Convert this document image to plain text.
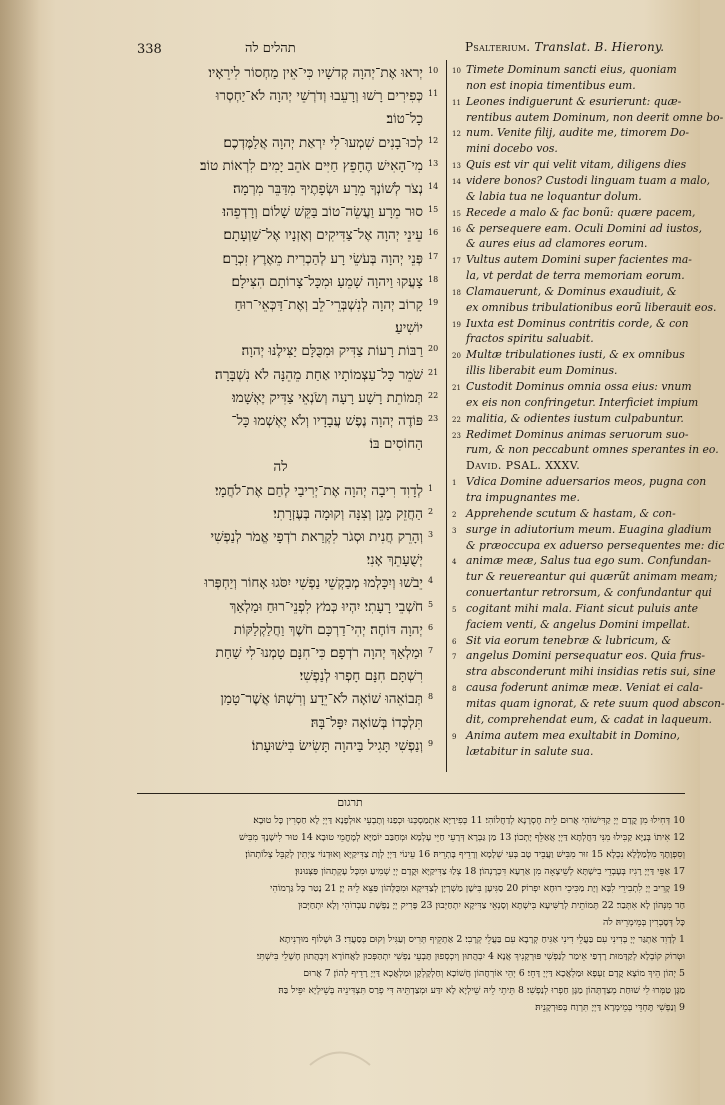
338	תהלים לה	Psalterium. Translat. B. Hierony.
יְראוּ אֶת־יְהוָה קְדשָׁיו כִּי־אֵין מַחְסוֹר לִירֵאָיו׃
כְּפִירִים רָשׁוּ וְרָעֵבוּ וְדֹרְשֵׁי יְהוָה לֹא־יַחְסְרוּ
כָל־טוֹב׃
לְכוּ־בָנִים שִׁמְעוּ־לִי יִרְאַת יְהוָה אֲלַמֶּדְכֶם׃
מִי־הָאִישׁ הֶחָפֵץ חַיִּים אֹהֵב יָמִים לִרְאוֹת טוֹב׃
נְצֹר לְשׁוֹנְךָ מֵרָע וּשְׂפָתֶיךָ מִדַּבֵּר מִרְמָה׃
סוּר מֵרָע וַעֲשֵׂה־טוֹב בַּקֵּשׁ שָׁלוֹם וְרָדְפֵהוּ׃
עֵינֵי יְהוָה אֶל־צַדִּיקִים וְאָזְנָיו אֶל־שַׁוְעָתָם׃
פְּנֵי יְהוָה בְּעֹשֵׂי רָע לְהַכְרִית מֵאֶרֶץ זִכְרָם׃
צָעֲקוּ וַיהוָה שָׁמֵעַ וּמִכָּל־צָרוֹתָם הִצִּילָם׃
קָרוֹב יְהוָה לְנִשְׁבְּרֵי־לֵב וְאֶת־דַּכְּאֵי־רוּחַ
יוֹשִׁיעַ׃
רַבּוֹת רָעוֹת צַדִּיק וּמִכֻּלָּם יַצִּילֶנּוּ יְהוָה׃
שֹׁמֵר כָּל־עַצְמוֹתָיו אַחַת מֵהֵנָּה לֹא נִשְׁבָּרָה׃
תְּמוֹתֵת רָשָׁע רָעָה וְשֹׂנְאֵי צַדִּיק יֶאְשָׁמוּ׃
פּוֹדֶה יְהוָה נֶפֶשׁ עֲבָדָיו וְלֹא יֶאְשְׁמוּ כָּל־
הַחוֹסִים בּוֹ׃
לה
לְדָוִד רִיבָה יְהוָה אֶת־יְרִיבַי לְחַם אֶת־לֹחֲמָי׃
הַחֲזֵק מָגֵן וְצִנָּה וְקוּמָה בְּעֶזְרָתִי׃
וְהָרֵק חֲנִית וּסְגֹר לִקְרַאת רֹדְפָי אֱמֹר לְנַפְשִׁי
יְשֻׁעָתֵךְ אָנִי׃
יֵבֹשׁוּ וְיִכָּלְמוּ מְבַקְשֵׁי נַפְשִׁי יִסֹּגוּ אָחוֹר וְיַחְפְּרוּ
חֹשְׁבֵי רָעָתִי׃ יִהְיוּ כְּמֹץ לִפְנֵי־רוּחַ וּמַלְאַךְ
יְהוָה דּוֹחֶה׃ יְהִי־דַרְכָּם חֹשֶׁךְ וַחֲלַקְלַקּוֹת
וּמַלְאַךְ יְהוָה רֹדְפָם׃ כִּי־חִנָּם טָמְנוּ־לִי שַׁחַת
רִשְׁתָּם חִנָּם חָפְרוּ לְנַפְשִׁי׃
תְּבוֹאֵהוּ שׁוֹאָה לֹא־יֵדָע וְרִשְׁתּוֹ אֲשֶׁר־טָמַן
תִּלְכְּדוֹ בְּשׁוֹאָה יִפָּל־בָּהּ׃
וְנַפְשִׁי תָּגִיל בַּיהוָה תָּשִׂישׂ בִּישׁוּעָתוֹ׃
10
11
12
13
14
15
16
17
18
19
20
21
22
23
1
2
3
4
5
6
7
8
9
10 Timete Dominum sancti eius, quoniam
non est inopia timentibus eum.
11 Leones indiguerunt & esurierunt: quæ-
rentibus autem Dominum, non deerit omne bo-
12 num. Venite filij, audite me, timorem Do-
mini docebo vos.
13 Quis est vir qui velit vitam, diligens dies
14 videre bonos? Custodi linguam tuam a malo,
& labia tua ne loquantur dolum.
15 Recede a malo & fac bonũ: quære pacem,
16 & persequere eam. Oculi Domini ad iustos,
& aures eius ad clamores eorum.
17 Vultus autem Domini super facientes ma-
la, vt perdat de terra memoriam eorum.
18 Clamauerunt, & Dominus exaudiuit, &
ex omnibus tribulationibus eorũ liberauit eos.
19 Iuxta est Dominus contritis corde, & con
fractos spiritu saluabit.
20 Multæ tribulationes iusti, & ex omnibus
illis liberabit eum Dominus.
21 Custodit Dominus omnia ossa eius: vnum
ex eis non confringetur. Interficiet impium
22 malitia, & odientes iustum culpabuntur.
23 Redimet Dominus animas seruorum suo-
rum, & non peccabunt omnes sperantes in eo.
David. PSAL. XXXV.
1 Vdica Domine aduersarios meos, pugna con
tra impugnantes me.
2 Apprehende scutum & hastam, & con-
3 surge in adiutorium meum. Euagina gladium
& præoccupa ex aduerso persequentes me: dic
4 animæ meæ, Salus tua ego sum. Confundan-
tur & reuereantur qui quærũt animam meam;
conuertantur retrorsum, & confundantur qui
5 cogitant mihi mala. Fiant sicut puluis ante
faciem venti, & angelus Domini impellat.
6 Sit via eorum tenebræ & lubricum, &
7 angelus Domini persequatur eos. Quia frus-
stra absconderunt mihi insidias retis sui, sine
8 causa foderunt animæ meæ. Veniat ei cala-
mitas quam ignorat, & rete suum quod abscon-
dit, comprehendat eum, & cadat in laqueum.
9 Anima autem mea exultabit in Domino,
lætabitur in salute sua.
תרגום
10 דְּחִילוּ מִן קֳדָם יְיָ קַדִּישׁוֹהִי אֲרוּם לֵית חֶסְרָנָא לְדַחֲלוֹהִי׃ 11 כְּפִירַיָּא אִתְמַסְכְּנוּ וּכְפַנוּ וְתָבְעֵי אוּלְפָנָא דַּיְיָ לָא חַסְרִין כָּל טוּבָא׃
12 אִיתוֹ בְּנַיָּא קַבִּילוּ מִנִּי דַּחֲלְתָא דַּיְיָ אֲאַלֵּף יָתְכוֹן׃ 13 מַן גַּבְרָא דְּרָעֵי חַיֵּי עָלְמָא וּמְחַבַּב יוֹמַיָּא לְמֶחֱמֵי טוּבָא׃ 14 טוּר לִישָׁנָךְ מִבִּישׁ
וְסִפְוָתָךְ מִלְּמַלָּלָא נִכְלָא׃ 15 זוּר מִבִּישׁ וַעֲבֵיד טָב בְּעִי שְׁלָמָא וְרָדֵיף בָּתְרֵיהּ׃ 16 עֵינוֹי דַּיְיָ לְוָת צַדִּיקַיָּא וְאוּדְנוֹי צַיְתִין לְקַבֵּל צְלוֹתְהוֹן׃
17 אַפֵּי דַּיְיָ רָגִיז בְּעָבְדֵי בִישְׁתָּא לְשֵׁיצָאָה מִן אַרְעָא דִּכְרָנְהוֹן׃ 18 צְלַוּ צַדִּיקַיָּא וּקֳדָם יְיָ שְׁמִיעַ וּמִכָּל עָקְתְהוֹן פַּצְּנוּנוּן׃
19 קָרִיב יְיָ לִתְבִירֵי לִבָּא וְיָת מַכִּיכֵי רוּחָא יִפְרוֹק׃ 20 סַגִּיעָן בִּישָׁן מַשְׁרְיָן לְצַדִּיקָא וּמִכֻּלְּהוֹן פַּצֵּא לֵיהּ יְיָ׃ 21 נָטַר כָּל גַּרְמוֹהִי
חַד מִנְּהוֹן לָא אִתְּבַר׃ 22 תְּמוֹתֵית לְרַשִּׁיעָא בִּישְׁתָא וְסָנְאֵי צַדִּיקָא יִתְחַיְּבוּן׃ 23 פָּרִיק יְיָ נַפְשָׁת עַבְדוֹהִי וְלָא יִתְחַיְּבוּן
כָּל דְּסָבְרִין בְּמֵימְרֵיהּ׃ לה
1 לְדָוִד אַתְגַּר יְיָ בְּדִינִי עִם בַּעֲלֵי דִינִי אַגִּיחַ קְרָבָא עִם בַּעֲלֵי קְרָבִי׃ 2 אַתְקֵיף תְּרִיס וְעַגִּיל וְקוּם בְּסַעֲדִי׃ 3 וּשְׁלוֹף מוּרְנִיתָא
וּטְרוֹק קוֹבְלָא לְקַדָּמוּת רָדְפַי אֵימַר לְנַפְשִׁי פּוּרְקָנִיךְ אֲנָא׃ 4 יִבְהֲתוּן וְיִכְסְפוּן תָּבְעֵי נַפְשִׁי יִתְהַפְּכוּן לַאֲחוֹרָא וְיִבְהֲתוּן חָשְׁלֵי בִּישְׁתִּי׃
5 יְהוֹן הֵיךְ מוֹצָא קֳדָם זַעְפָא וּמַלְאֲכָא דַּיְיָ דָּחֵי׃ 6 יְהֵי אוֹרְחֲהוֹן חֲשׁוֹכָא וְחַלְקָלְקָן וּמַלְאֲכָא דַּיְיָ רָדֵיף לְהוֹן׃ 7 אֲרוּם
מַגָּן טַמְּרוּ לִי שׁוּחַת מְצַדְתְּהוֹן מַגָּן חַפְרוּ לְנַפְשִׁי׃ 8 תֵּיתֵי לֵיהּ שֵׁילְיָא לָא יִדַּע וּמְצַדְתֵּיהּ דִּי פְרַס תִּצְדִּינֵיהּ בְּשֵׁילְיָא יִפֵּיל בַּהּ׃
9 וְנַפְשִׁי תֶּחְדֵּי בְּמֵימְרָא דַּיְיָ תִּרְוַח בְּפוּרְקָנֵיהּ׃
